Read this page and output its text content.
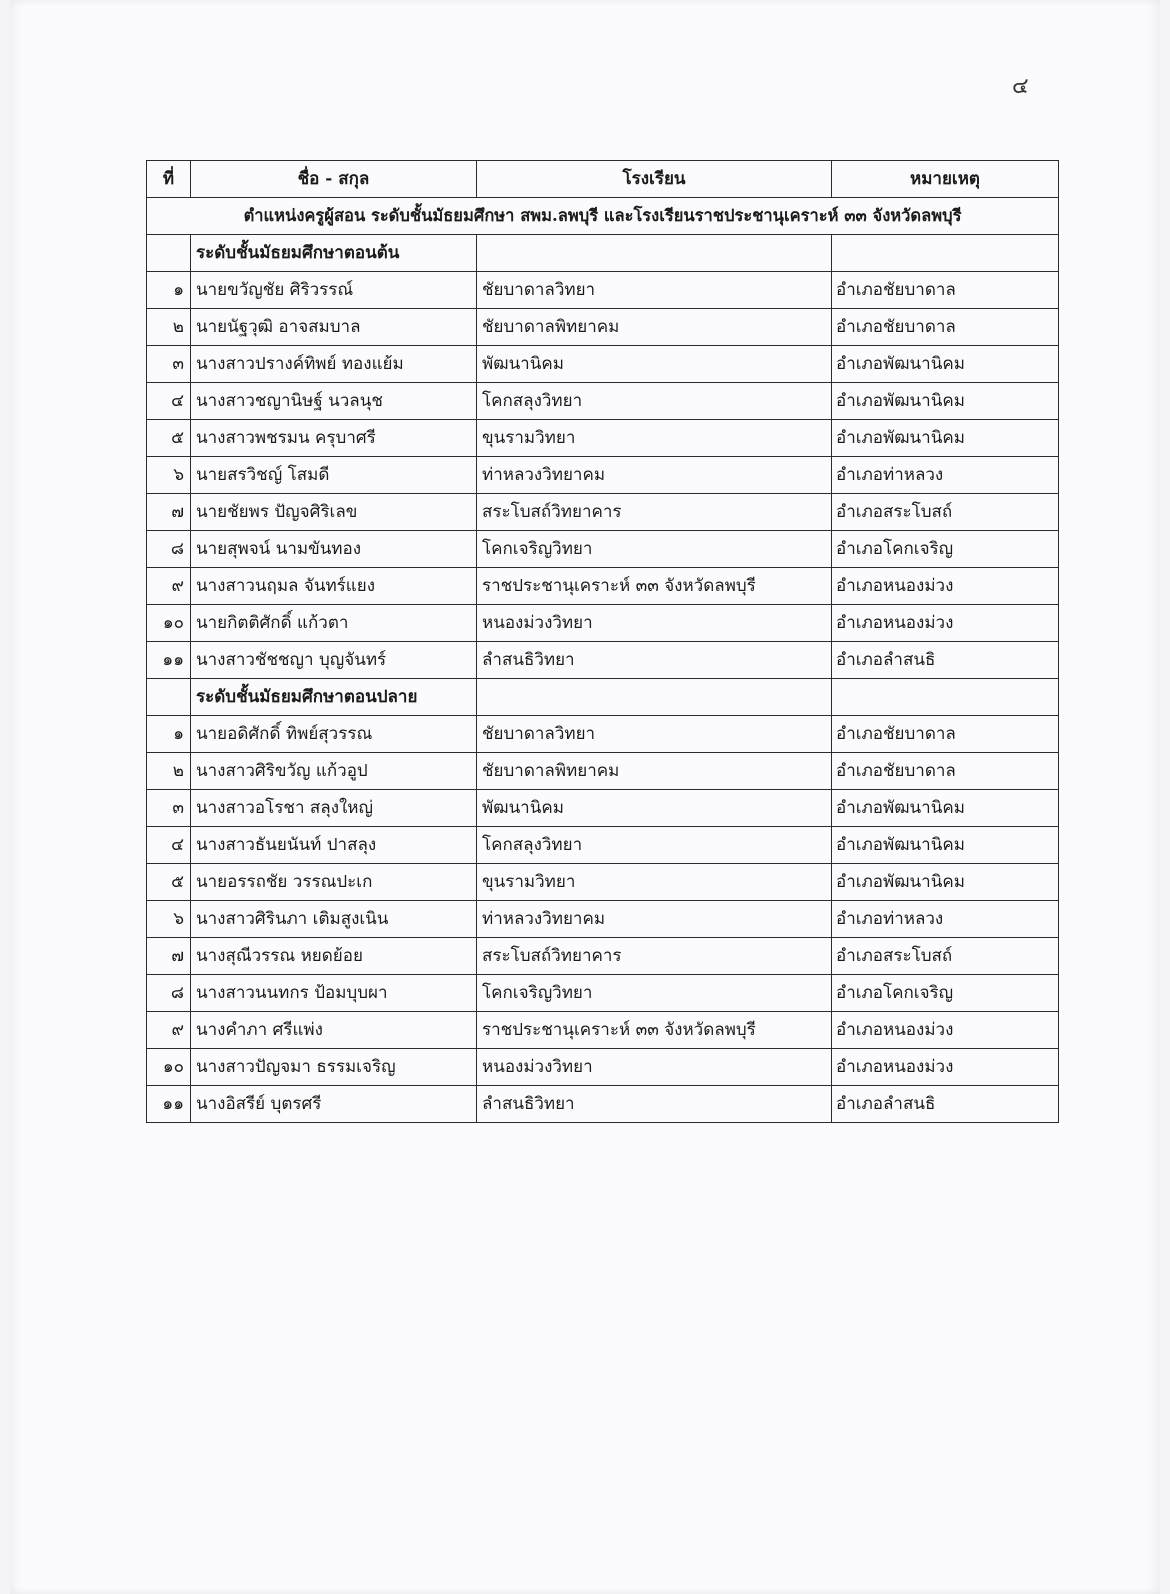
๔
ที่	ชื่อ - สกุล	โรงเรียน	หมายเหตุ
ตำแหน่งครูผู้สอน ระดับชั้นมัธยมศึกษา สพม.ลพบุรี และโรงเรียนราชประชานุเคราะห์ ๓๓ จังหวัดลพบุรี			
	ระดับชั้นมัธยมศึกษาตอนต้น		
๑	นายขวัญชัย ศิริวรรณ์	ชัยบาดาลวิทยา	อำเภอชัยบาดาล
๒	นายนัฐวุฒิ อาจสมบาล	ชัยบาดาลพิทยาคม	อำเภอชัยบาดาล
๓	นางสาวปรางค์ทิพย์ ทองแย้ม	พัฒนานิคม	อำเภอพัฒนานิคม
๔	นางสาวชญานิษฐ์ นวลนุช	โคกสลุงวิทยา	อำเภอพัฒนานิคม
๕	นางสาวพชรมน ครุบาศรี	ขุนรามวิทยา	อำเภอพัฒนานิคม
๖	นายสรวิชญ์ โสมดี	ท่าหลวงวิทยาคม	อำเภอท่าหลวง
๗	นายชัยพร ปัญจศิริเลข	สระโบสถ์วิทยาคาร	อำเภอสระโบสถ์
๘	นายสุพจน์ นามขันทอง	โคกเจริญวิทยา	อำเภอโคกเจริญ
๙	นางสาวนฤมล จันทร์แยง	ราชประชานุเคราะห์ ๓๓ จังหวัดลพบุรี	อำเภอหนองม่วง
๑๐	นายกิตติศักดิ์ แก้วตา	หนองม่วงวิทยา	อำเภอหนองม่วง
๑๑	นางสาวชัชชญา บุญจันทร์	ลำสนธิวิทยา	อำเภอลำสนธิ
	ระดับชั้นมัธยมศึกษาตอนปลาย		
๑	นายอดิศักดิ์ ทิพย์สุวรรณ	ชัยบาดาลวิทยา	อำเภอชัยบาดาล
๒	นางสาวศิริขวัญ แก้วอูป	ชัยบาดาลพิทยาคม	อำเภอชัยบาดาล
๓	นางสาวอโรชา สลุงใหญ่	พัฒนานิคม	อำเภอพัฒนานิคม
๔	นางสาวธันยนันท์ ปาสลุง	โคกสลุงวิทยา	อำเภอพัฒนานิคม
๕	นายอรรถชัย วรรณปะเก	ขุนรามวิทยา	อำเภอพัฒนานิคม
๖	นางสาวศิรินภา เติมสูงเนิน	ท่าหลวงวิทยาคม	อำเภอท่าหลวง
๗	นางสุณีวรรณ หยดย้อย	สระโบสถ์วิทยาคาร	อำเภอสระโบสถ์
๘	นางสาวนนทกร ป้อมบุบผา	โคกเจริญวิทยา	อำเภอโคกเจริญ
๙	นางคำภา ศรีแพ่ง	ราชประชานุเคราะห์ ๓๓ จังหวัดลพบุรี	อำเภอหนองม่วง
๑๐	นางสาวปัญจมา ธรรมเจริญ	หนองม่วงวิทยา	อำเภอหนองม่วง
๑๑	นางอิสรีย์ บุตรศรี	ลำสนธิวิทยา	อำเภอลำสนธิ
